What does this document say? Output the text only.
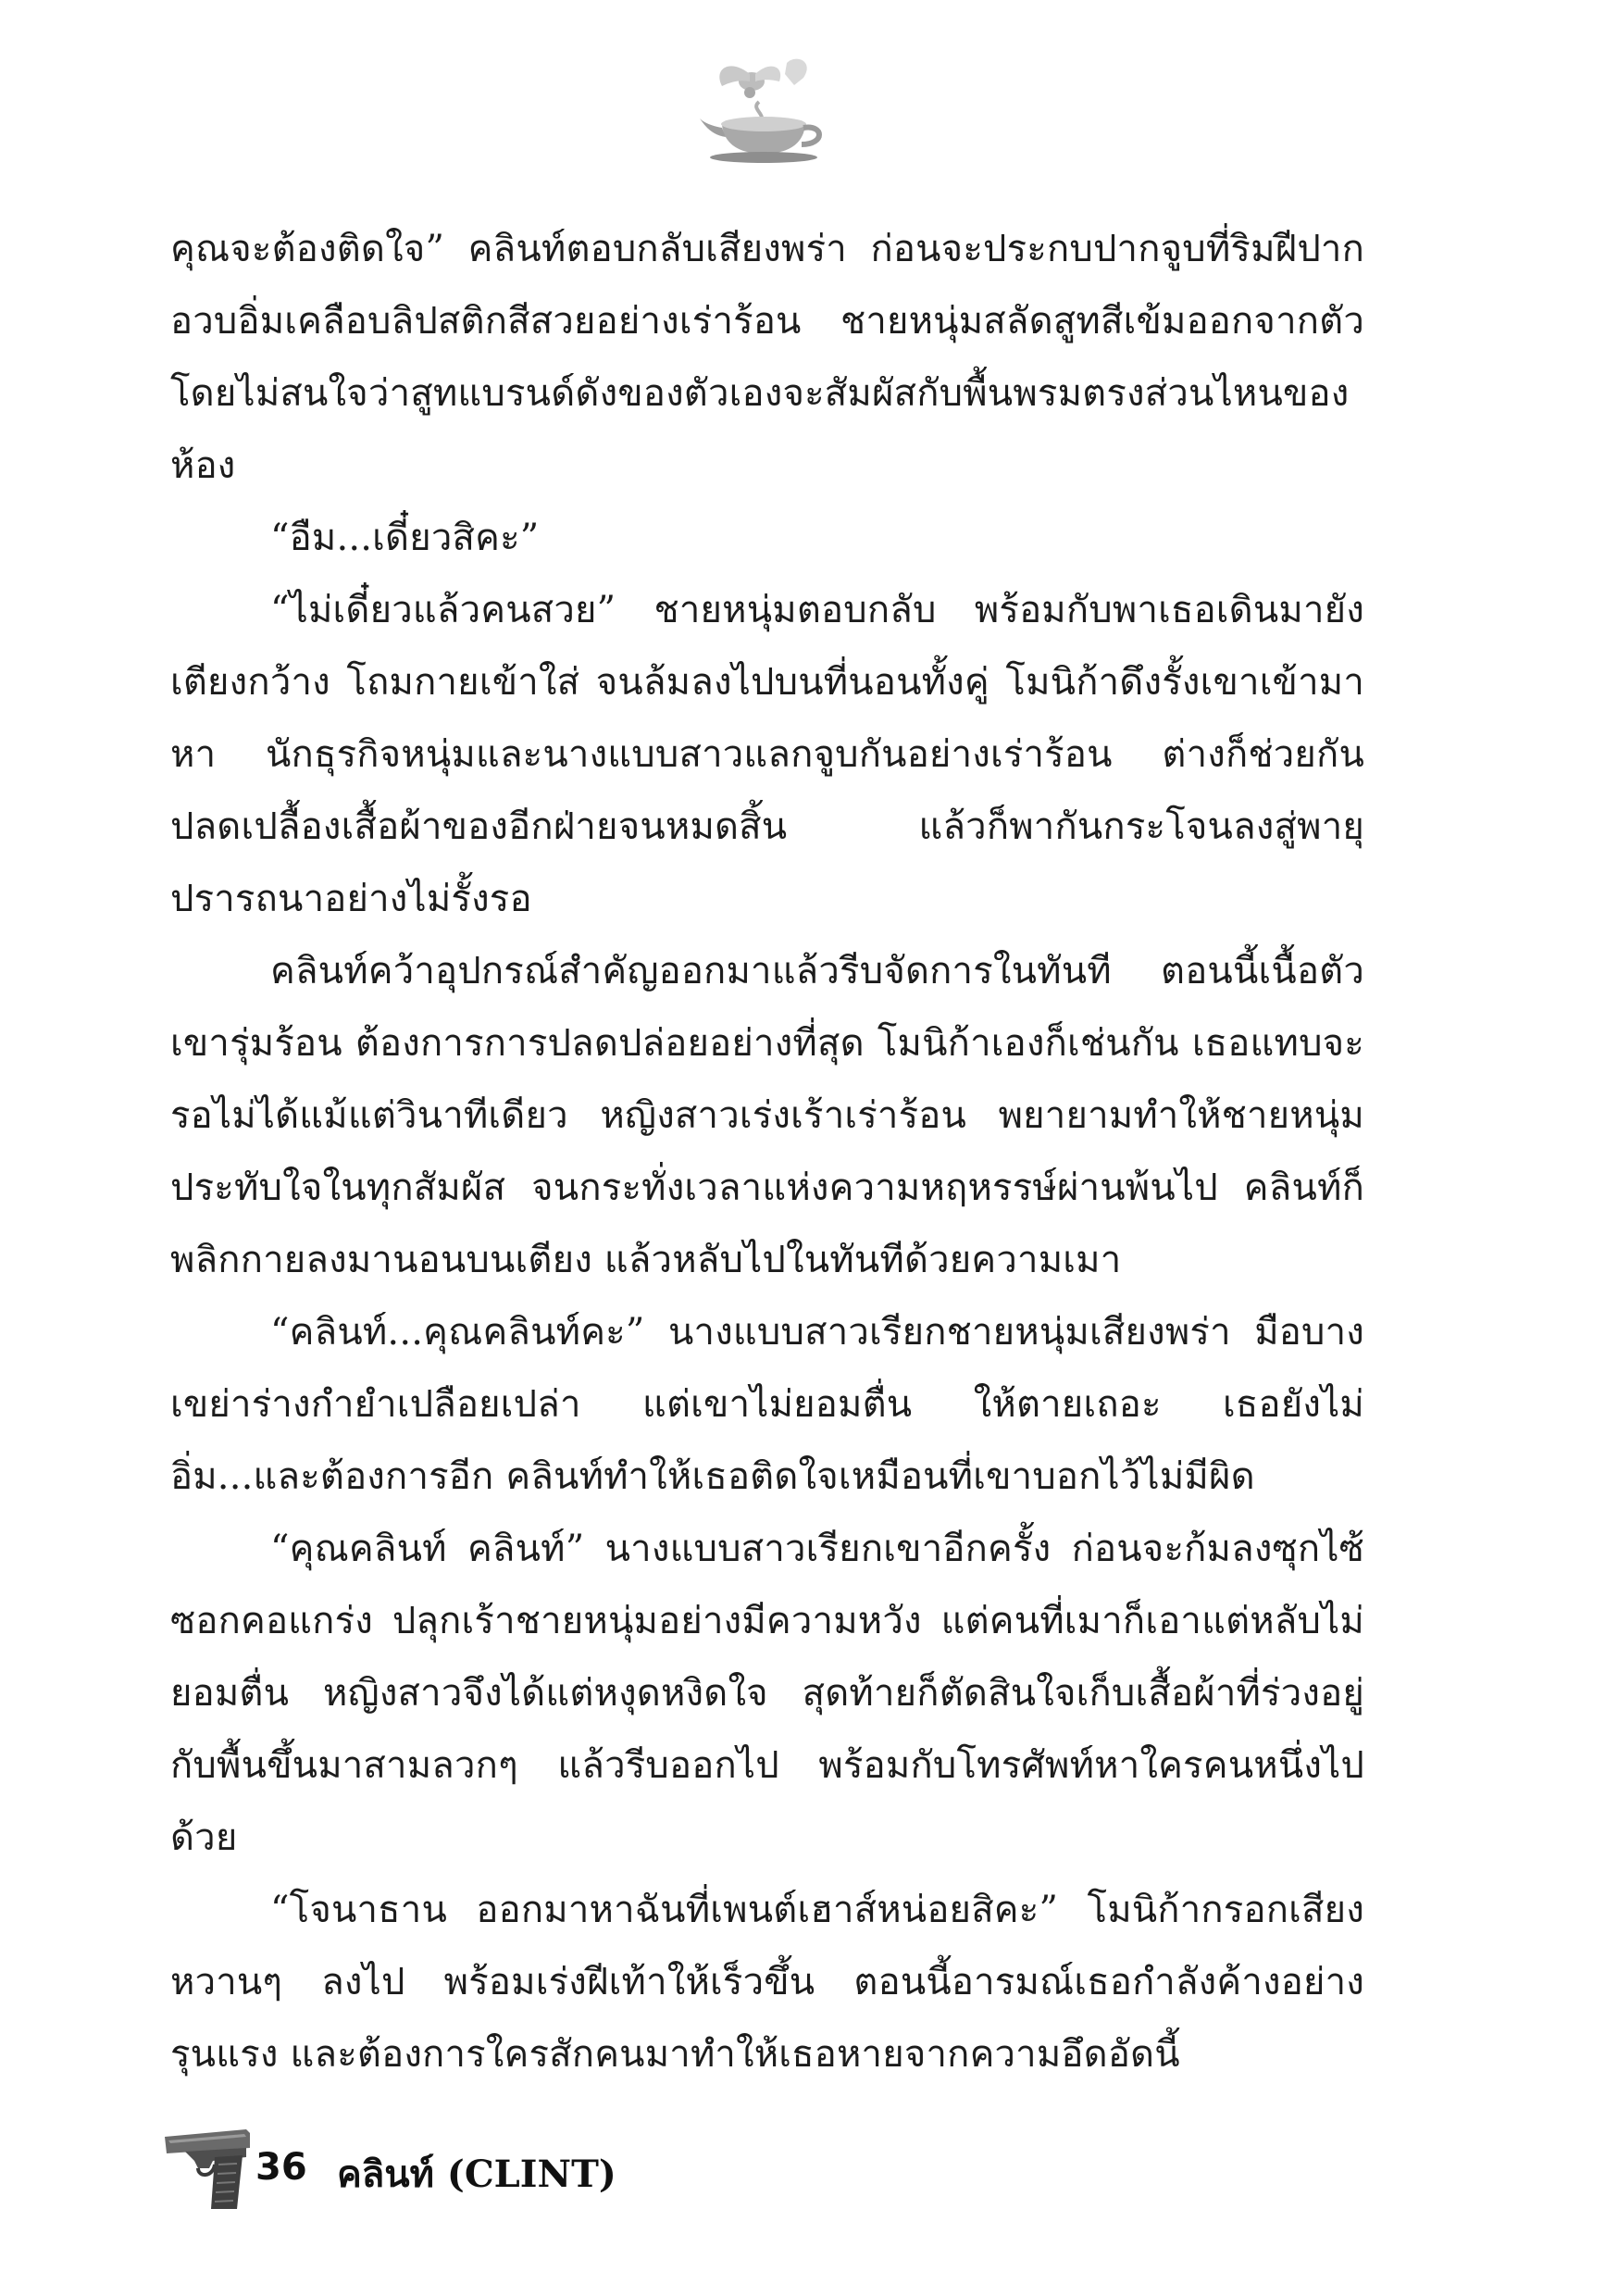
คุณจะต้องติดใจ” คลินท์ตอบกลับเสียงพร่า ก่อนจะประกบปากจูบที่ริมฝีปากอวบอิ่มเคลือบลิปสติกสีสวยอย่างเร่าร้อน ชายหนุ่มสลัดสูทสีเข้มออกจากตัว โดยไม่สนใจว่าสูทแบรนด์ดังของตัวเองจะสัมผัสกับพื้นพรมตรงส่วนไหนของห้อง

“อืม...เดี๋ยวสิคะ”

“ไม่เดี๋ยวแล้วคนสวย” ชายหนุ่มตอบกลับ พร้อมกับพาเธอเดินมายังเตียงกว้าง โถมกายเข้าใส่ จนล้มลงไปบนที่นอนทั้งคู่ โมนิก้าดึงรั้งเขาเข้ามาหา นักธุรกิจหนุ่มและนางแบบสาวแลกจูบกันอย่างเร่าร้อน ต่างก็ช่วยกันปลดเปลื้องเสื้อผ้าของอีกฝ่ายจนหมดสิ้น แล้วก็พากันกระโจนลงสู่พายุปรารถนาอย่างไม่รั้งรอ

คลินท์คว้าอุปกรณ์สำคัญออกมาแล้วรีบจัดการในทันที ตอนนี้เนื้อตัวเขารุ่มร้อน ต้องการการปลดปล่อยอย่างที่สุด โมนิก้าเองก็เช่นกัน เธอแทบจะรอไม่ได้แม้แต่วินาทีเดียว หญิงสาวเร่งเร้าเร่าร้อน พยายามทำให้ชายหนุ่มประทับใจในทุกสัมผัส จนกระทั่งเวลาแห่งความหฤหรรษ์ผ่านพ้นไป คลินท์ก็พลิกกายลงมานอนบนเตียง แล้วหลับไปในทันทีด้วยความเมา

“คลินท์...คุณคลินท์คะ” นางแบบสาวเรียกชายหนุ่มเสียงพร่า มือบางเขย่าร่างกำยำเปลือยเปล่า แต่เขาไม่ยอมตื่น ให้ตายเถอะ เธอยังไม่อิ่ม...และต้องการอีก คลินท์ทำให้เธอติดใจเหมือนที่เขาบอกไว้ไม่มีผิด

“คุณคลินท์ คลินท์” นางแบบสาวเรียกเขาอีกครั้ง ก่อนจะก้มลงซุกไซ้ซอกคอแกร่ง ปลุกเร้าชายหนุ่มอย่างมีความหวัง แต่คนที่เมาก็เอาแต่หลับไม่ยอมตื่น หญิงสาวจึงได้แต่หงุดหงิดใจ สุดท้ายก็ตัดสินใจเก็บเสื้อผ้าที่ร่วงอยู่กับพื้นขึ้นมาสามลวกๆ แล้วรีบออกไป พร้อมกับโทรศัพท์หาใครคนหนึ่งไปด้วย

“โจนาธาน ออกมาหาฉันที่เพนต์เฮาส์หน่อยสิคะ” โมนิก้ากรอกเสียงหวานๆ ลงไป พร้อมเร่งฝีเท้าให้เร็วขึ้น ตอนนี้อารมณ์เธอกำลังค้างอย่างรุนแรง และต้องการใครสักคนมาทำให้เธอหายจากความอึดอัดนี้

36 คลินท์ (CLINT)
